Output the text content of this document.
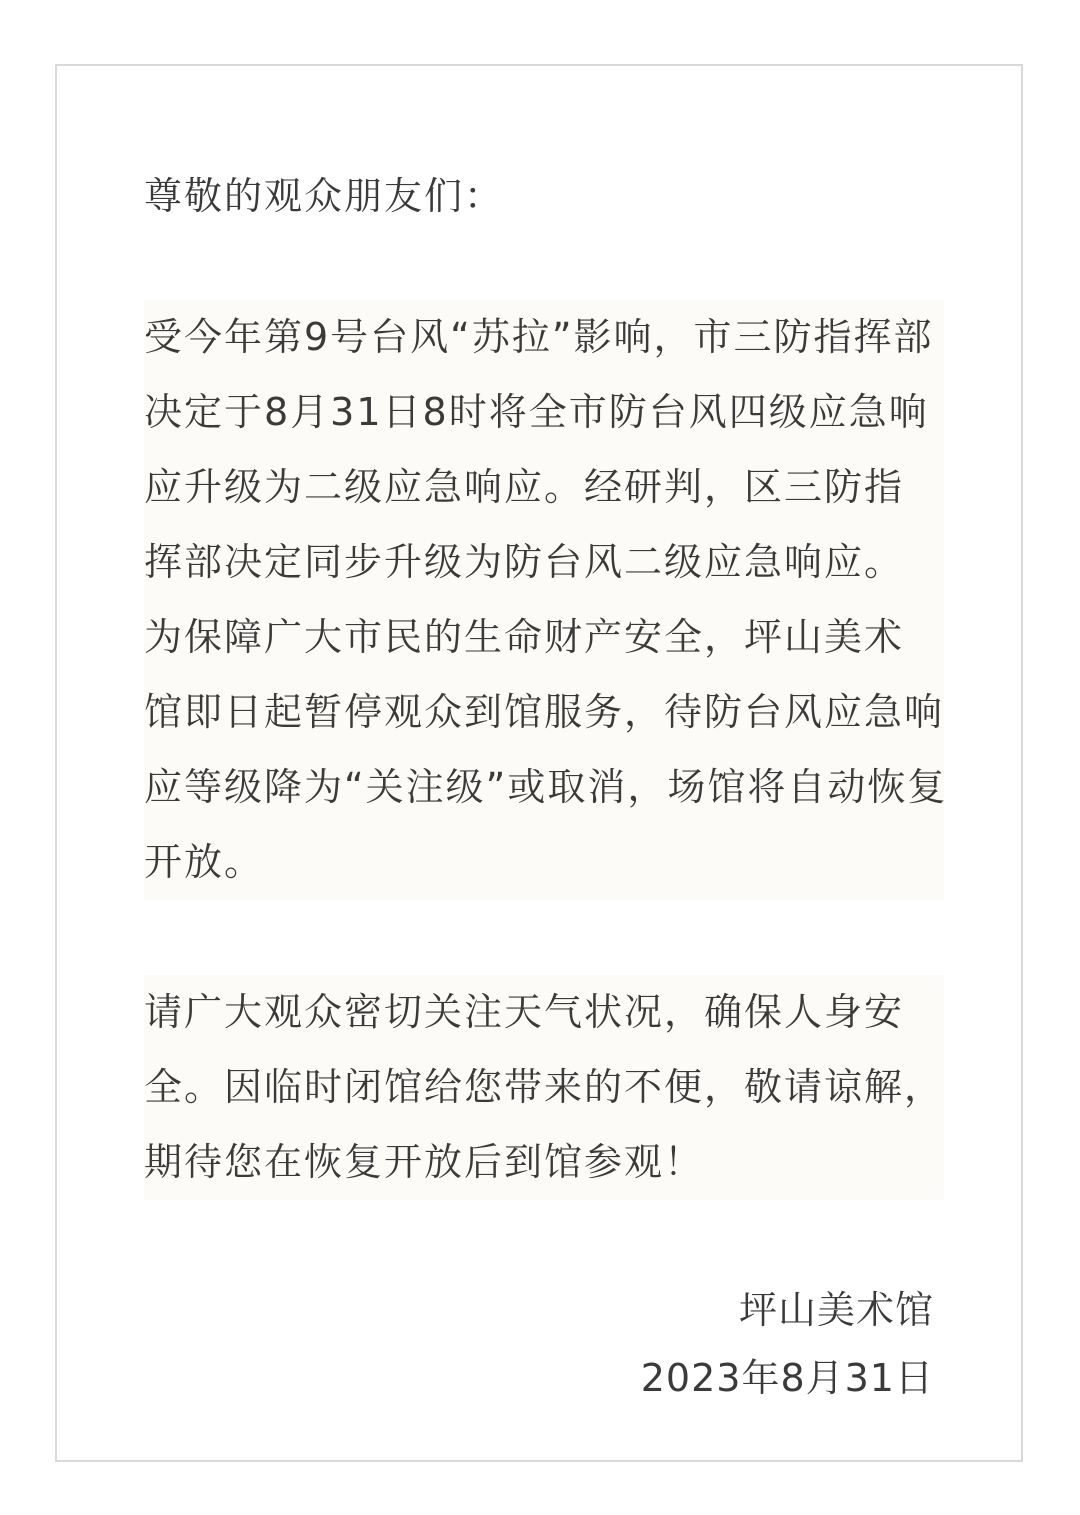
尊敬的观众朋友们：

受今年第9号台风“苏拉”影响，市三防指挥部
决定于8月31日8时将全市防台风四级应急响
应升级为二级应急响应。经研判，区三防指
挥部决定同步升级为防台风二级应急响应。
为保障广大市民的生命财产安全，坪山美术
馆即日起暂停观众到馆服务，待防台风应急响
应等级降为“关注级”或取消，场馆将自动恢复
开放。
请广大观众密切关注天气状况，确保人身安
全。因临时闭馆给您带来的不便，敬请谅解，
期待您在恢复开放后到馆参观！
坪山美术馆
2023年8月31日
